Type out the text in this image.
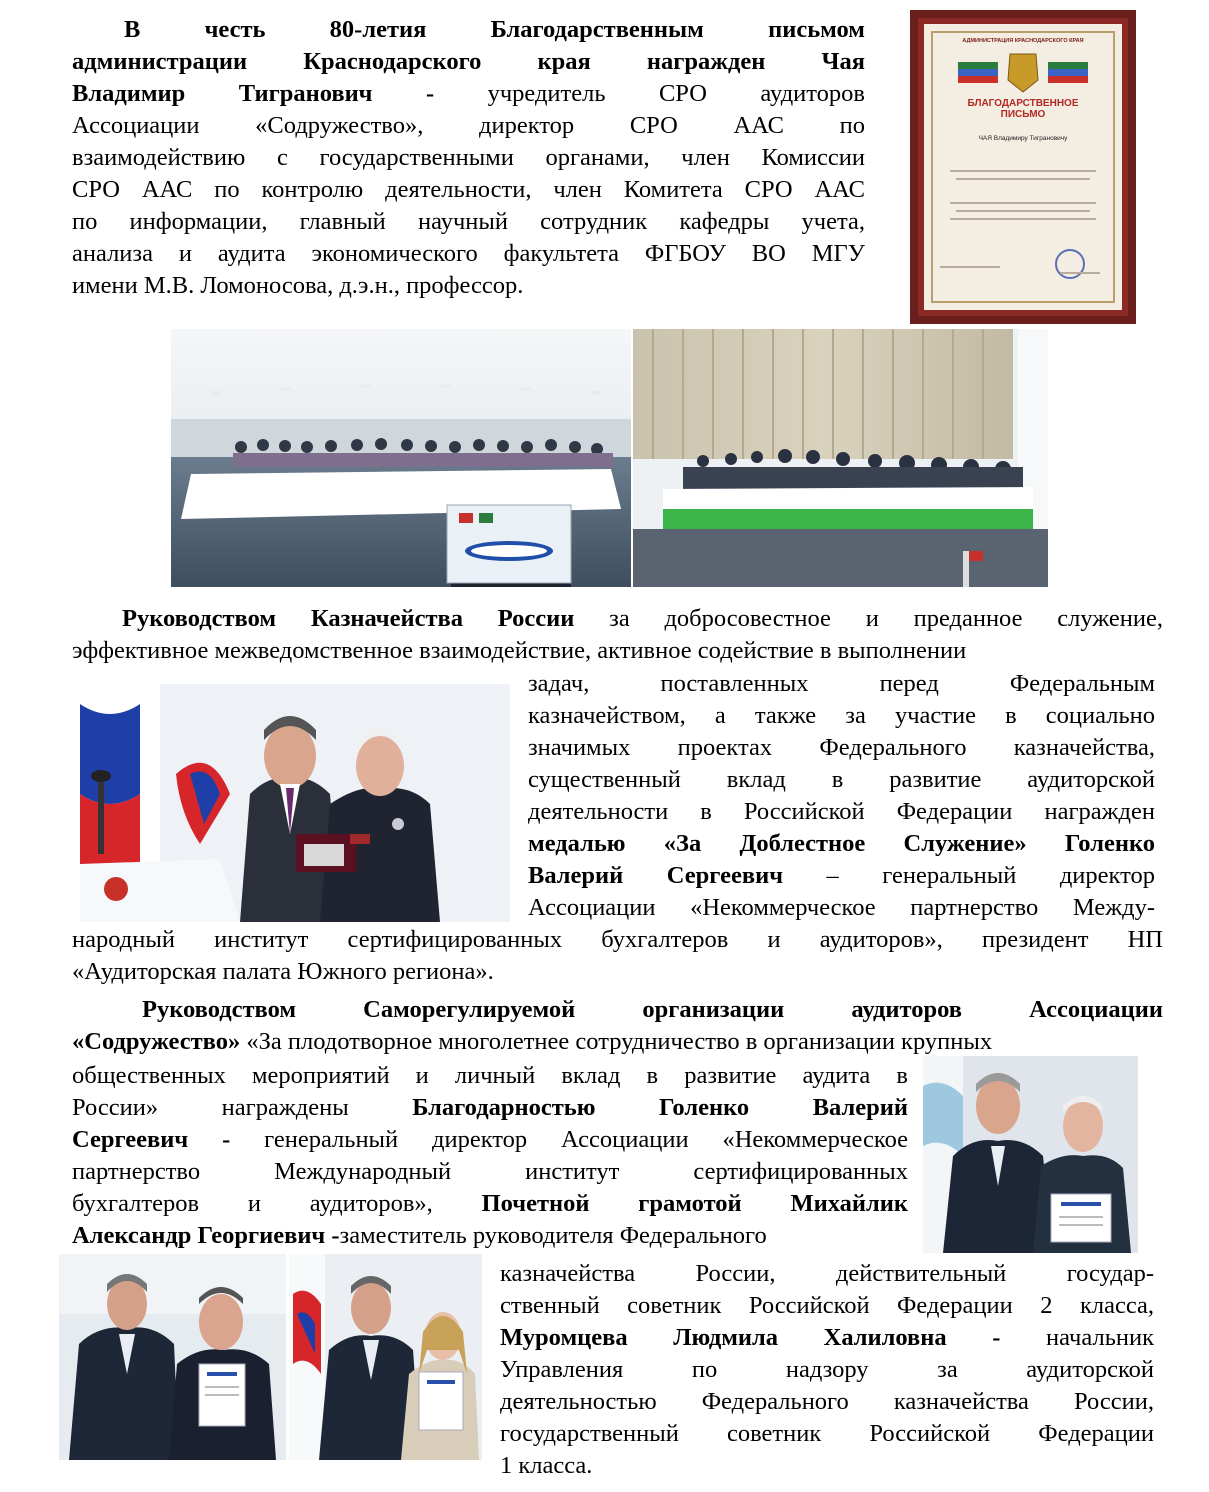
В честь 80-летия Благодарственным письмом
администрации Краснодарского края награжден Чая
Владимир Тигранович - учредитель СРО аудиторов
Ассоциации «Содружество», директор СРО ААС по
взаимодействию с государственными органами, член Комиссии
СРО ААС по контролю деятельности, член Комитета СРО ААС
по информации, главный научный сотрудник кафедры учета,
анализа и аудита экономического факультета ФГБОУ ВО МГУ
имени М.В. Ломоносова, д.э.н., профессор.
АДМИНИСТРАЦИЯ КРАСНОДАРСКОГО КРАЯ
БЛАГОДАРСТВЕННОЕ ПИСЬМО
ЧАЯ Владимиру Тиграновичу
Руководством Казначейства России за добросовестное и преданное служение,
эффективное межведомственное взаимодействие, активное содействие в выполнении
задач, поставленных перед Федеральным
казначейством, а также за участие в социально
значимых проектах Федерального казначейства,
существенный вклад в развитие аудиторской
деятельности в Российской Федерации награжден
медалью «За Доблестное Служение» Голенко
Валерий Сергеевич – генеральный директор
Ассоциации «Некоммерческое партнерство Между-
народный институт сертифицированных бухгалтеров и аудиторов», президент НП
«Аудиторская палата Южного региона».
Руководством Саморегулируемой организации аудиторов Ассоциации
«Содружество» «За плодотворное многолетнее сотрудничество в организации крупных
общественных мероприятий и личный вклад в развитие аудита в
России» награждены Благодарностью Голенко Валерий
Сергеевич - генеральный директор Ассоциации «Некоммерческое
партнерство Международный институт сертифицированных
бухгалтеров и аудиторов», Почетной грамотой Михайлик
Александр Георгиевич -заместитель руководителя Федерального
казначейства России, действительный государ-
ственный советник Российской Федерации 2 класса,
Муромцева Людмила Халиловна - начальник
Управления по надзору за аудиторской
деятельностью Федерального казначейства России,
государственный советник Российской Федерации
1 класса.
